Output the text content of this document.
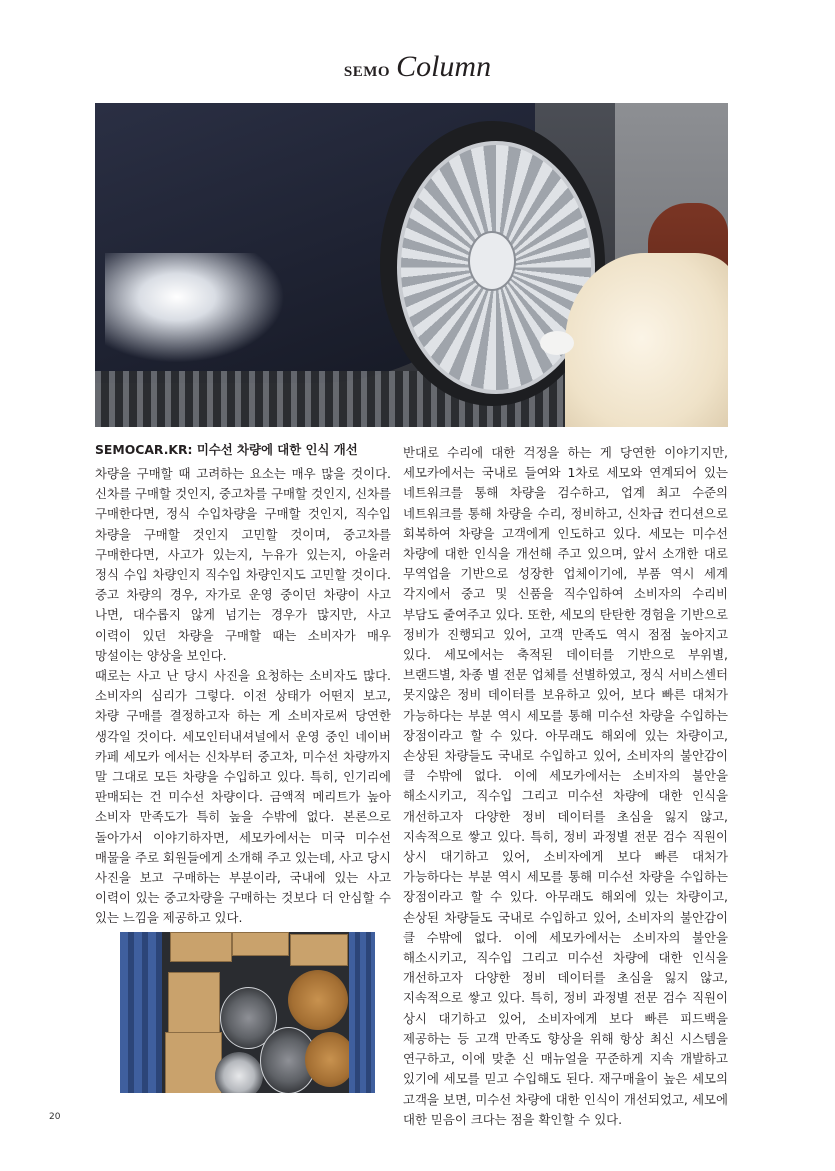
SEMO Column
SEMOCAR.KR: 미수선 차량에 대한 인식 개선

차량을 구매할 때 고려하는 요소는 매우 많을 것이다. 신차를 구매할 것인지, 중고차를 구매할 것인지, 신차를 구매한다면, 정식 수입차량을 구매할 것인지, 직수입 차량을 구매할 것인지 고민할 것이며, 중고차를 구매한다면, 사고가 있는지, 누유가 있는지, 아울러 정식 수입 차량인지 직수입 차량인지도 고민할 것이다. 중고 차량의 경우, 자가로 운영 중이던 차량이 사고 나면, 대수롭지 않게 넘기는 경우가 많지만, 사고 이력이 있던 차량을 구매할 때는 소비자가 매우 망설이는 양상을 보인다.

때로는 사고 난 당시 사진을 요청하는 소비자도 많다. 소비자의 심리가 그렇다. 이전 상태가 어떤지 보고, 차량 구매를 결정하고자 하는 게 소비자로써 당연한 생각일 것이다. 세모인터내셔널에서 운영 중인 네이버 카페 세모카 에서는 신차부터 중고차, 미수선 차량까지 말 그대로 모든 차량을 수입하고 있다. 특히, 인기리에 판매되는 건 미수선 차량이다. 금액적 메리트가 높아 소비자 만족도가 특히 높을 수밖에 없다. 본론으로 돌아가서 이야기하자면, 세모카에서는 미국 미수선 매물을 주로 회원들에게 소개해 주고 있는데, 사고 당시 사진을 보고 구매하는 부분이라, 국내에 있는 사고 이력이 있는 중고차량을 구매하는 것보다 더 안심할 수 있는 느낌을 제공하고 있다.

반대로 수리에 대한 걱정을 하는 게 당연한 이야기지만, 세모카에서는 국내로 들여와 1차로 세모와 연계되어 있는 네트워크를 통해 차량을 검수하고, 업계 최고 수준의 네트워크를 통해 차량을 수리, 정비하고, 신차급 컨디션으로 회복하여 차량을 고객에게 인도하고 있다. 세모는 미수선 차량에 대한 인식을 개선해 주고 있으며, 앞서 소개한 대로 무역업을 기반으로 성장한 업체이기에, 부품 역시 세계 각지에서 중고 및 신품을 직수입하여 소비자의 수리비 부담도 줄여주고 있다. 또한, 세모의 탄탄한 경험을 기반으로 정비가 진행되고 있어, 고객 만족도 역시 점점 높아지고 있다. 세모에서는 축적된 데이터를 기반으로 부위별, 브랜드별, 차종 별 전문 업체를 선별하였고, 정식 서비스센터 못지않은 정비 데이터를 보유하고 있어, 보다 빠른 대처가 가능하다는 부분 역시 세모를 통해 미수선 차량을 수입하는 장점이라고 할 수 있다. 아무래도 해외에 있는 차량이고, 손상된 차량들도 국내로 수입하고 있어, 소비자의 불안감이 클 수밖에 없다. 이에 세모카에서는 소비자의 불안을 해소시키고, 직수입 그리고 미수선 차량에 대한 인식을 개선하고자 다양한 정비 데이터를 초심을 잃지 않고, 지속적으로 쌓고 있다. 특히, 정비 과정별 전문 검수 직원이 상시 대기하고 있어, 소비자에게 보다 빠른 대처가 가능하다는 부분 역시 세모를 통해 미수선 차량을 수입하는 장점이라고 할 수 있다. 아무래도 해외에 있는 차량이고, 손상된 차량들도 국내로 수입하고 있어, 소비자의 불안감이 클 수밖에 없다. 이에 세모카에서는 소비자의 불안을 해소시키고, 직수입 그리고 미수선 차량에 대한 인식을 개선하고자 다양한 정비 데이터를 초심을 잃지 않고, 지속적으로 쌓고 있다. 특히, 정비 과정별 전문 검수 직원이 상시 대기하고 있어, 소비자에게 보다 빠른 피드백을 제공하는 등 고객 만족도 향상을 위해 항상 최신 시스템을 연구하고, 이에 맞춘 신 매뉴얼을 꾸준하게 지속 개발하고 있기에 세모를 믿고 수입해도 된다. 재구매율이 높은 세모의 고객을 보면, 미수선 차량에 대한 인식이 개선되었고, 세모에 대한 믿음이 크다는 점을 확인할 수 있다.

20
